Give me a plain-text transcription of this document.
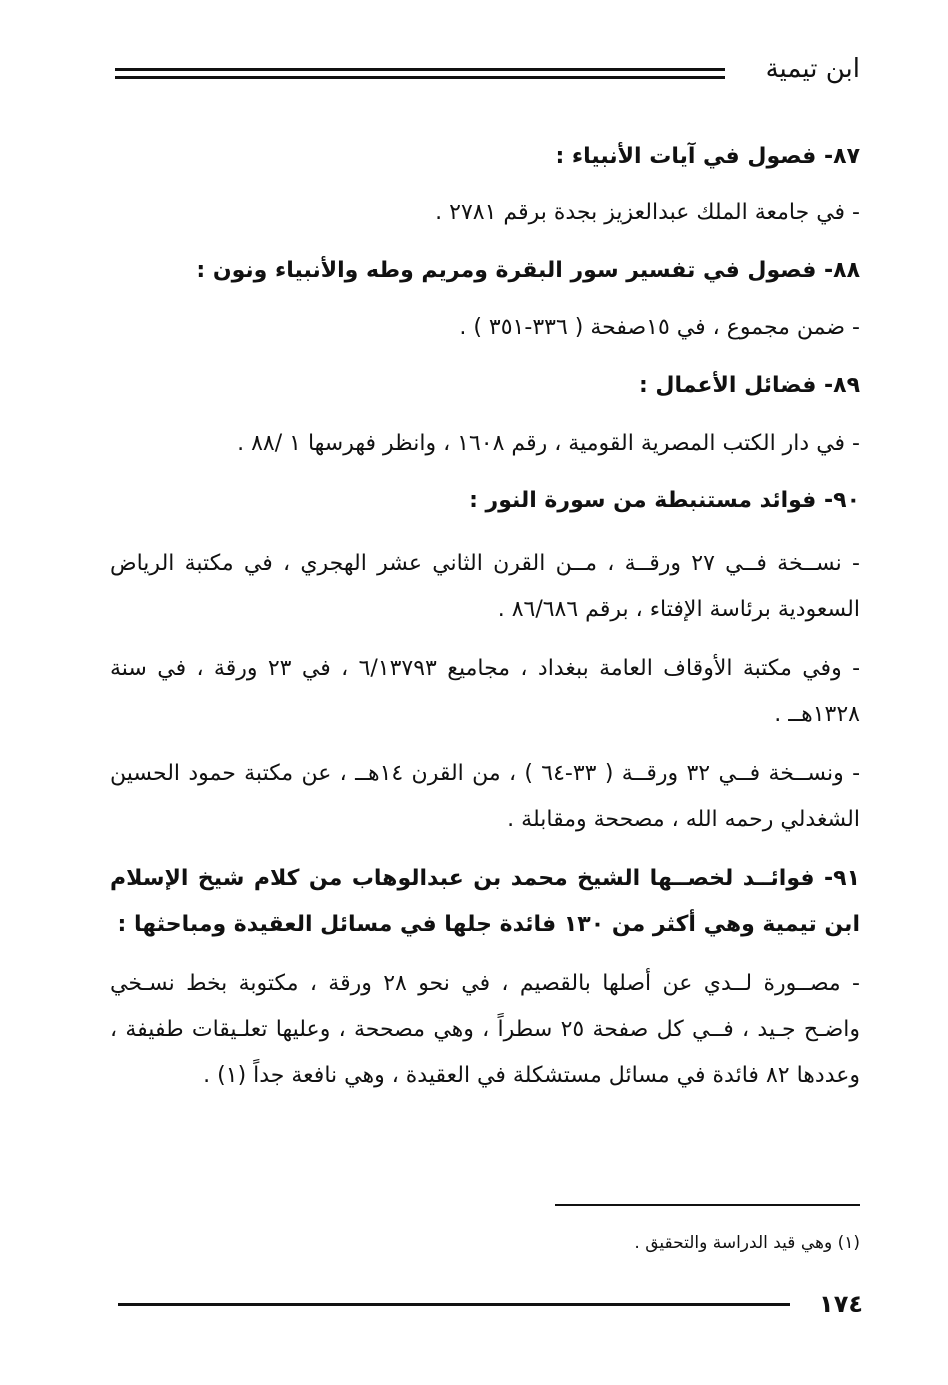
ابن تيمية
٨٧- فصول في آيات الأنبياء :
- في جامعة الملك عبدالعزيز بجدة برقم ٢٧٨١ .
٨٨- فصول في تفسير سور البقرة ومريم وطه والأنبياء ونون :
- ضمن مجموع ، في ١٥صفحة ( ٣٣٦-٣٥١ ) .
٨٩- فضائل الأعمال :
- في دار الكتب المصرية القومية ، رقم ١٦٠٨ ، وانظر فهرسها ١ /٨٨ .
٩٠- فوائد مستنبطة من سورة النور :
- نســخة فــي ٢٧ ورقــة ، مــن القرن الثاني عشر الهجري ، في مكتبة الرياض السعودية برئاسة الإفتاء ، برقم ٨٦/٦٨٦ .
- وفي مكتبة الأوقاف العامة ببغداد ، مجاميع ٦/١٣٧٩٣ ، في ٢٣ ورقة ، في سنة ١٣٢٨هــ .
- ونســخة فــي ٣٢ ورقــة ( ٣٣-٦٤ ) ، من القرن ١٤هــ ، عن مكتبة حمود الحسين الشغدلي رحمه الله ، مصححة ومقابلة .
٩١- فوائــد لخصــها الشيخ محمد بن عبدالوهاب من كلام شيخ الإسلام ابن تيمية وهي أكثر من ١٣٠ فائدة جلها في مسائل العقيدة ومباحثها :
- مصــورة لــدي عن أصلها بالقصيم ، في نحو ٢٨ ورقة ، مكتوبة بخط نسـخي واضـح جـيد ، فــي كل صفحة ٢٥ سطراً ، وهي مصححة ، وعليها تعلـيقات طفيفة ، وعددها ٨٢ فائدة في مسائل مستشكلة في العقيدة ، وهي نافعة جداً (١) .
(١) وهي قيد الدراسة والتحقيق .
١٧٤
